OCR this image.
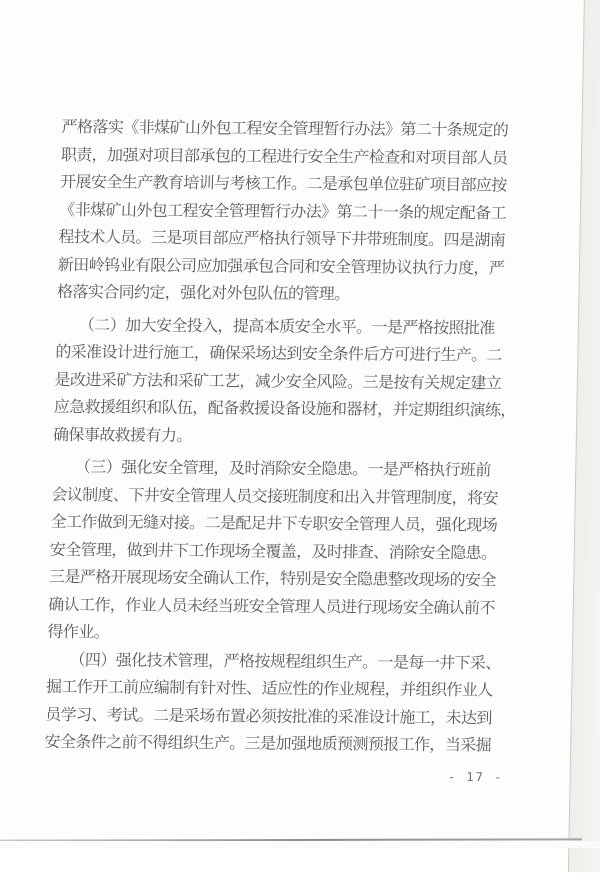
严格落实《非煤矿山外包工程安全管理暂行办法》第二十条规定的
职责，加强对项目部承包的工程进行安全生产检查和对项目部人员
开展安全生产教育培训与考核工作。二是承包单位驻矿项目部应按
《非煤矿山外包工程安全管理暂行办法》第二十一条的规定配备工
程技术人员。三是项目部应严格执行领导下井带班制度。四是湖南
新田岭钨业有限公司应加强承包合同和安全管理协议执行力度，严
格落实合同约定，强化对外包队伍的管理。
　　（二）加大安全投入，提高本质安全水平。一是严格按照批准
的采准设计进行施工，确保采场达到安全条件后方可进行生产。二
是改进采矿方法和采矿工艺，减少安全风险。三是按有关规定建立
应急救援组织和队伍，配备救援设备设施和器材，并定期组织演练，
确保事故救援有力。
　　（三）强化安全管理，及时消除安全隐患。一是严格执行班前
会议制度、下井安全管理人员交接班制度和出入井管理制度，将安
全工作做到无缝对接。二是配足井下专职安全管理人员，强化现场
安全管理，做到井下工作现场全覆盖，及时排查、消除安全隐患。
三是严格开展现场安全确认工作，特别是安全隐患整改现场的安全
确认工作，作业人员未经当班安全管理人员进行现场安全确认前不
得作业。
　　（四）强化技术管理，严格按规程组织生产。一是每一井下采、
掘工作开工前应编制有针对性、适应性的作业规程，并组织作业人
员学习、考试。二是采场布置必须按批准的采准设计施工，未达到
安全条件之前不得组织生产。三是加强地质预测预报工作，当采掘
- 17 -
